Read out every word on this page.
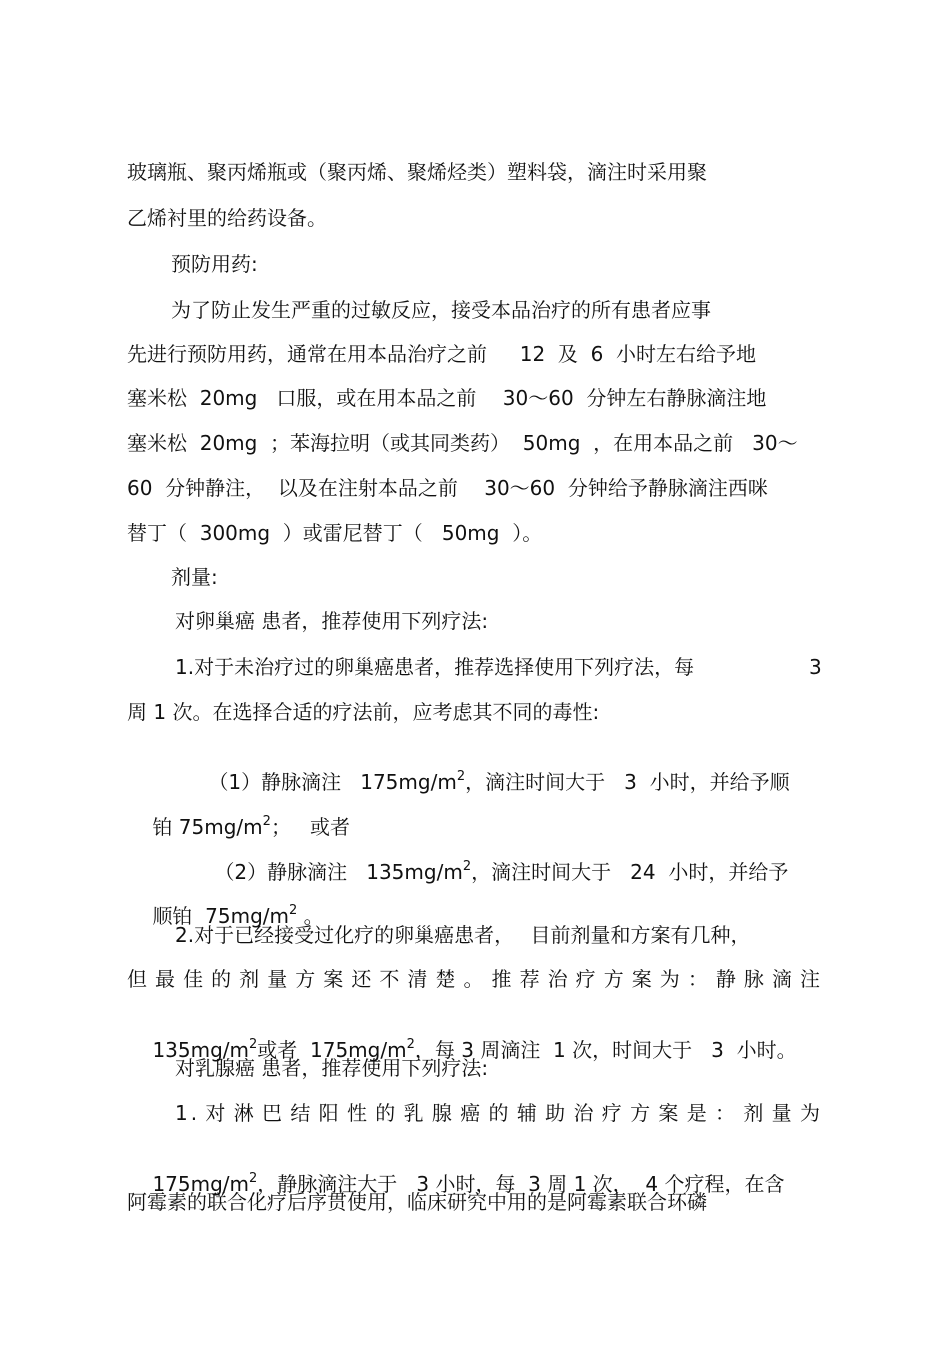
玻璃瓶、聚丙烯瓶或（聚丙烯、聚烯烃类）塑料袋，滴注时采用聚
乙烯衬里的给药设备。
预防用药:
为了防止发生严重的过敏反应，接受本品治疗的所有患者应事
先进行预防用药，通常在用本品治疗之前　  12  及  6  小时左右给予地
塞米松  20mg   口服，或在用本品之前　 30～60  分钟左右静脉滴注地
塞米松  20mg  ；苯海拉明（或其同类药）  50mg  ，在用本品之前   30～
60  分钟静注，  以及在注射本品之前　 30～60  分钟给予静脉滴注西咪
替丁（  300mg  ）或雷尼替丁（   50mg  ）。
剂量:
对卵巢癌 患者，推荐使用下列疗法:
1.对于未治疗过的卵巢癌患者，推荐选择使用下列疗法，每	3
周 1 次。在选择合适的疗法前，应考虑其不同的毒性:

（1）静脉滴注   $175mg/m^2$，滴注时间大于   3  小时，并给予顺

铂 $75mg/m^2$；   或者

（2）静脉滴注   $135mg/m^2$，滴注时间大于   24  小时，并给予

顺铂  $75mg/m^2$ 。

2.对于已经接受过化疗的卵巢癌患者，　 目前剂量和方案有几种，
但最佳的剂量方案还不清楚。推荐治疗方案为：静脉滴注

$135mg/m^2$或者  $175mg/m^2$，每 3 周滴注  1 次，时间大于   3  小时。

对乳腺癌 患者，推荐使用下列疗法:
1.对淋巴结阳性的乳腺癌的辅助治疗方案是：剂量为

$175mg/m^2$，静脉滴注大于   3 小时，每  3 周 1 次，  4 个疗程，在含

阿霉素的联合化疗后序贯使用，临床研究中用的是阿霉素联合环磷
